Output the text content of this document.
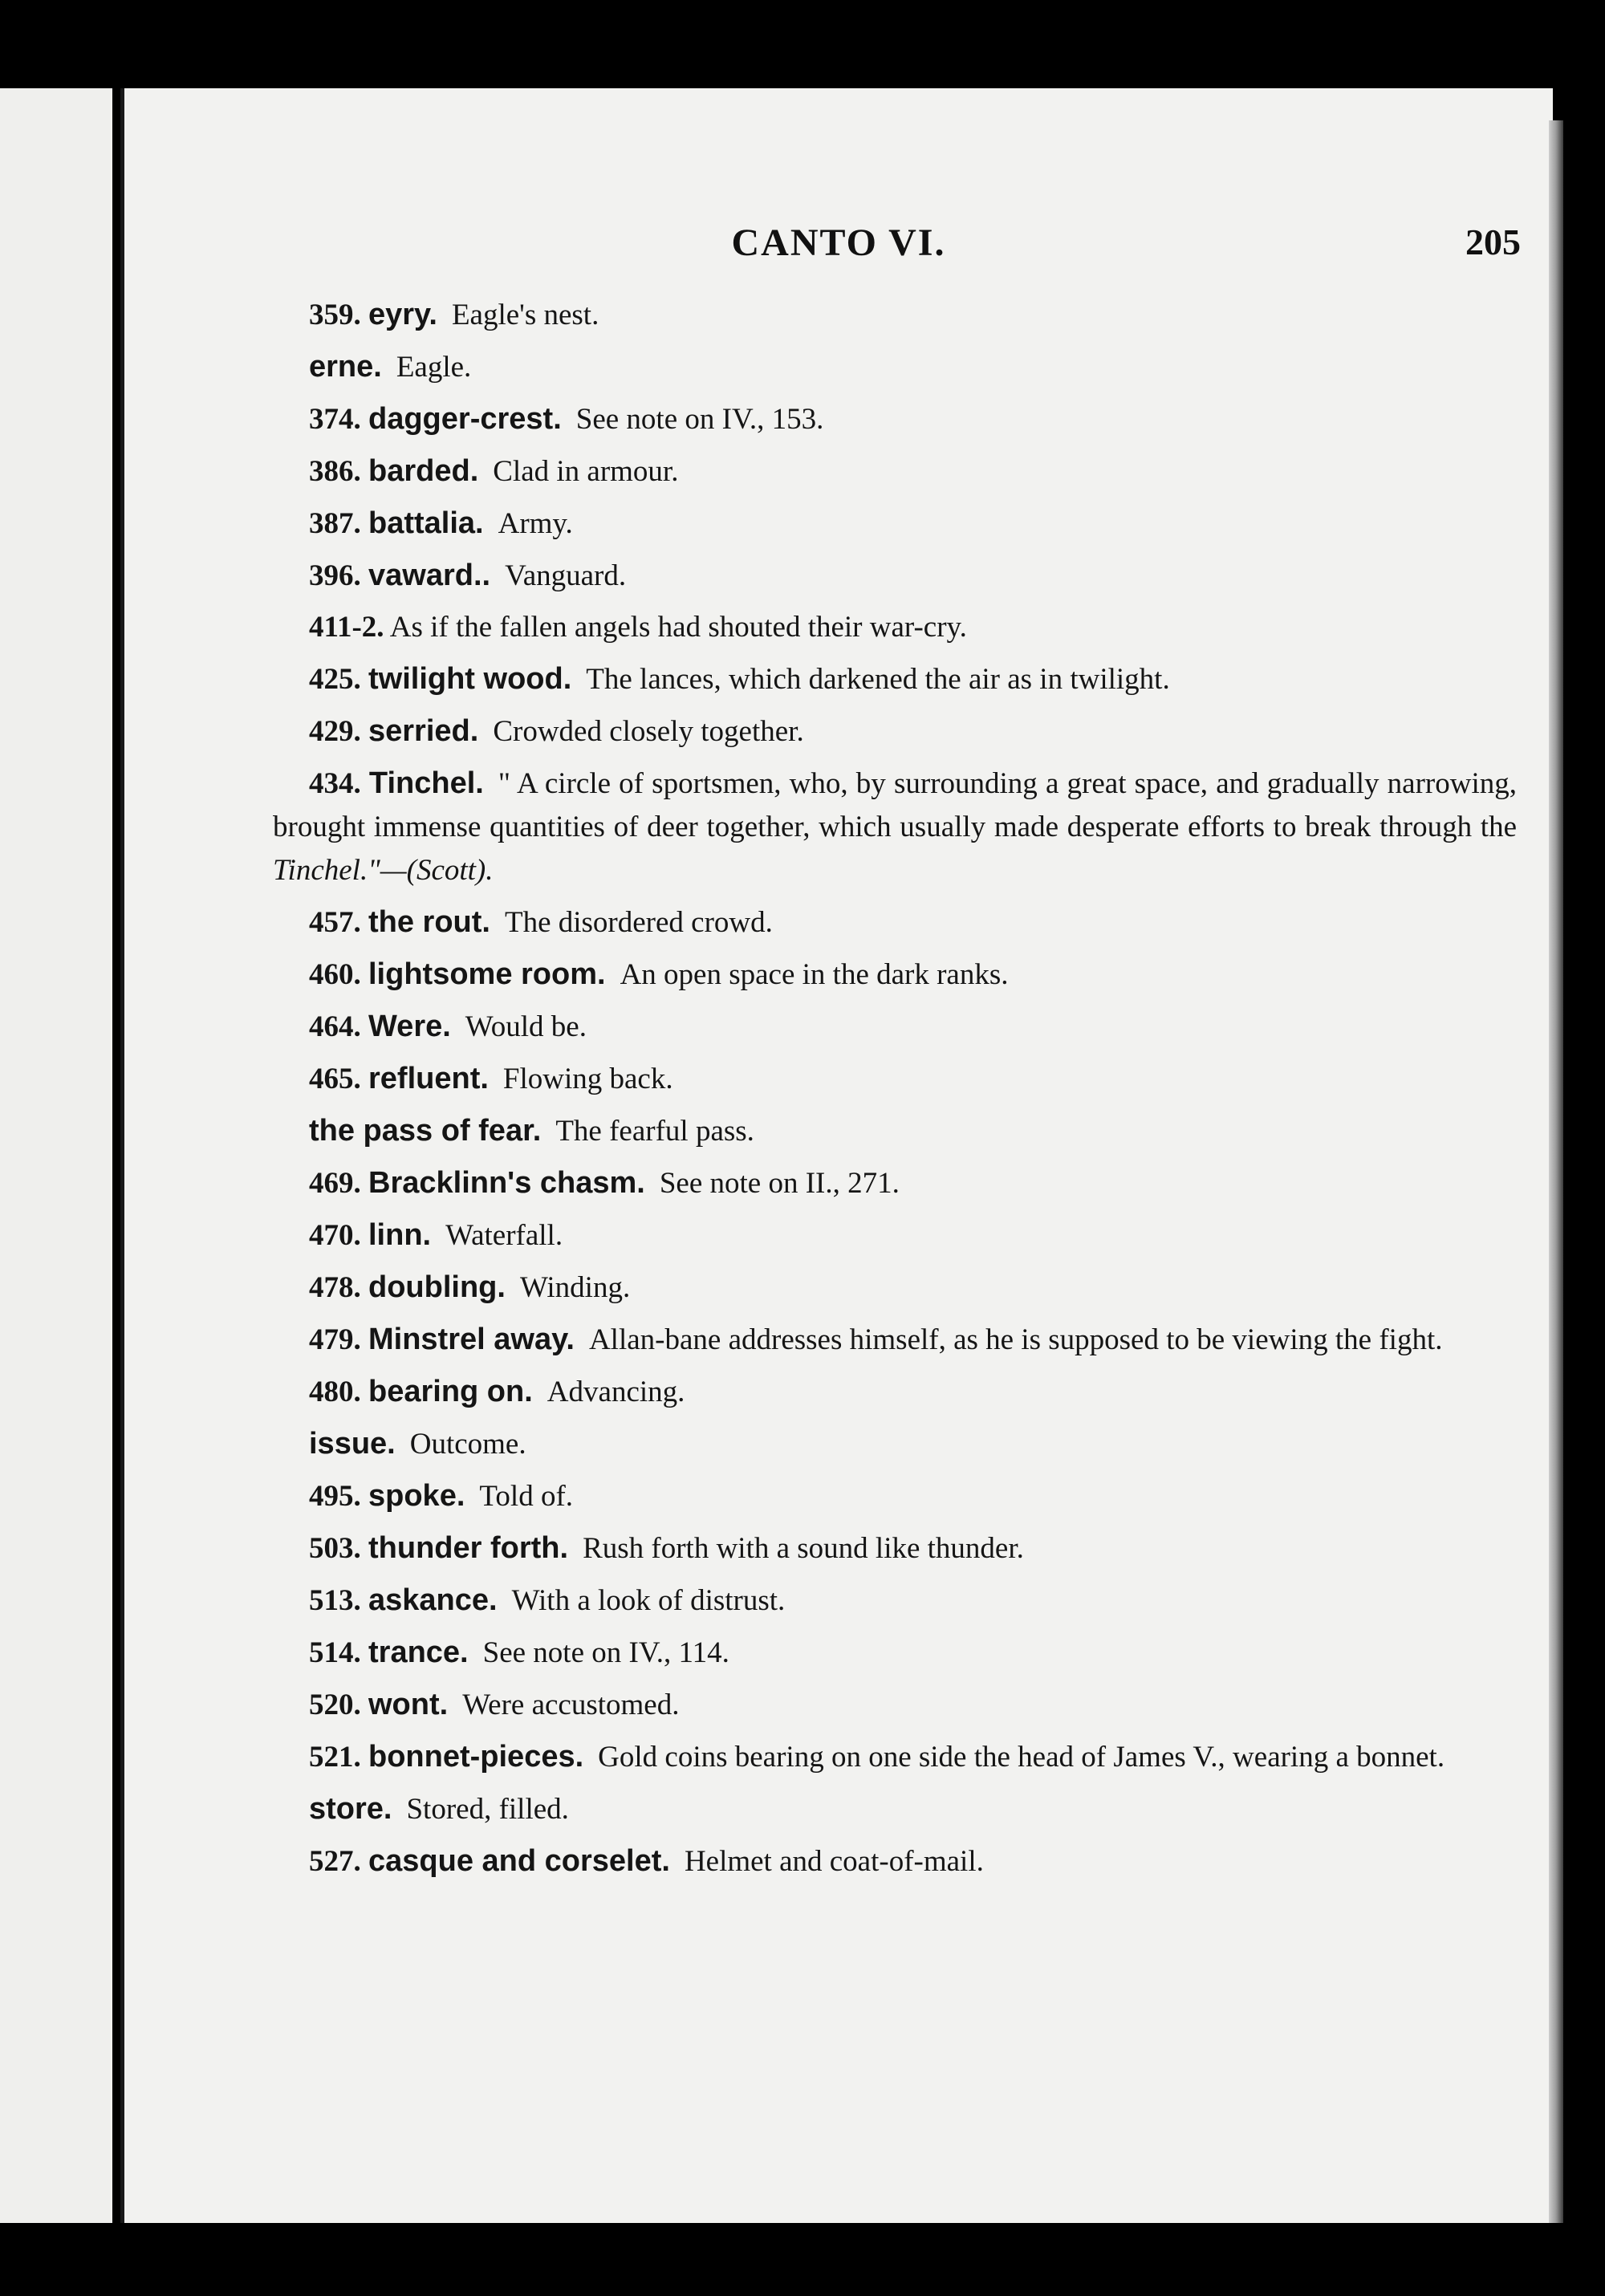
CANTO VI.	205

359. eyry. Eagle's nest.

erne. Eagle.

374. dagger-crest. See note on IV., 153.

386. barded. Clad in armour.

387. battalia. Army.

396. vaward.. Vanguard.

411-2. As if the fallen angels had shouted their war-cry.

425. twilight wood. The lances, which darkened the air as in twilight.

429. serried. Crowded closely together.

434. Tinchel. " A circle of sportsmen, who, by surrounding a great space, and gradually narrowing, brought immense quantities of deer together, which usually made desperate efforts to break through the Tinchel."—(Scott).

457. the rout. The disordered crowd.

460. lightsome room. An open space in the dark ranks.

464. Were. Would be.

465. refluent. Flowing back.

the pass of fear. The fearful pass.

469. Bracklinn's chasm. See note on II., 271.

470. linn. Waterfall.

478. doubling. Winding.

479. Minstrel away. Allan-bane addresses himself, as he is supposed to be viewing the fight.

480. bearing on. Advancing.

issue. Outcome.

495. spoke. Told of.

503. thunder forth. Rush forth with a sound like thunder.

513. askance. With a look of distrust.

514. trance. See note on IV., 114.

520. wont. Were accustomed.

521. bonnet-pieces. Gold coins bearing on one side the head of James V., wearing a bonnet.

store. Stored, filled.

527. casque and corselet. Helmet and coat-of-mail.
